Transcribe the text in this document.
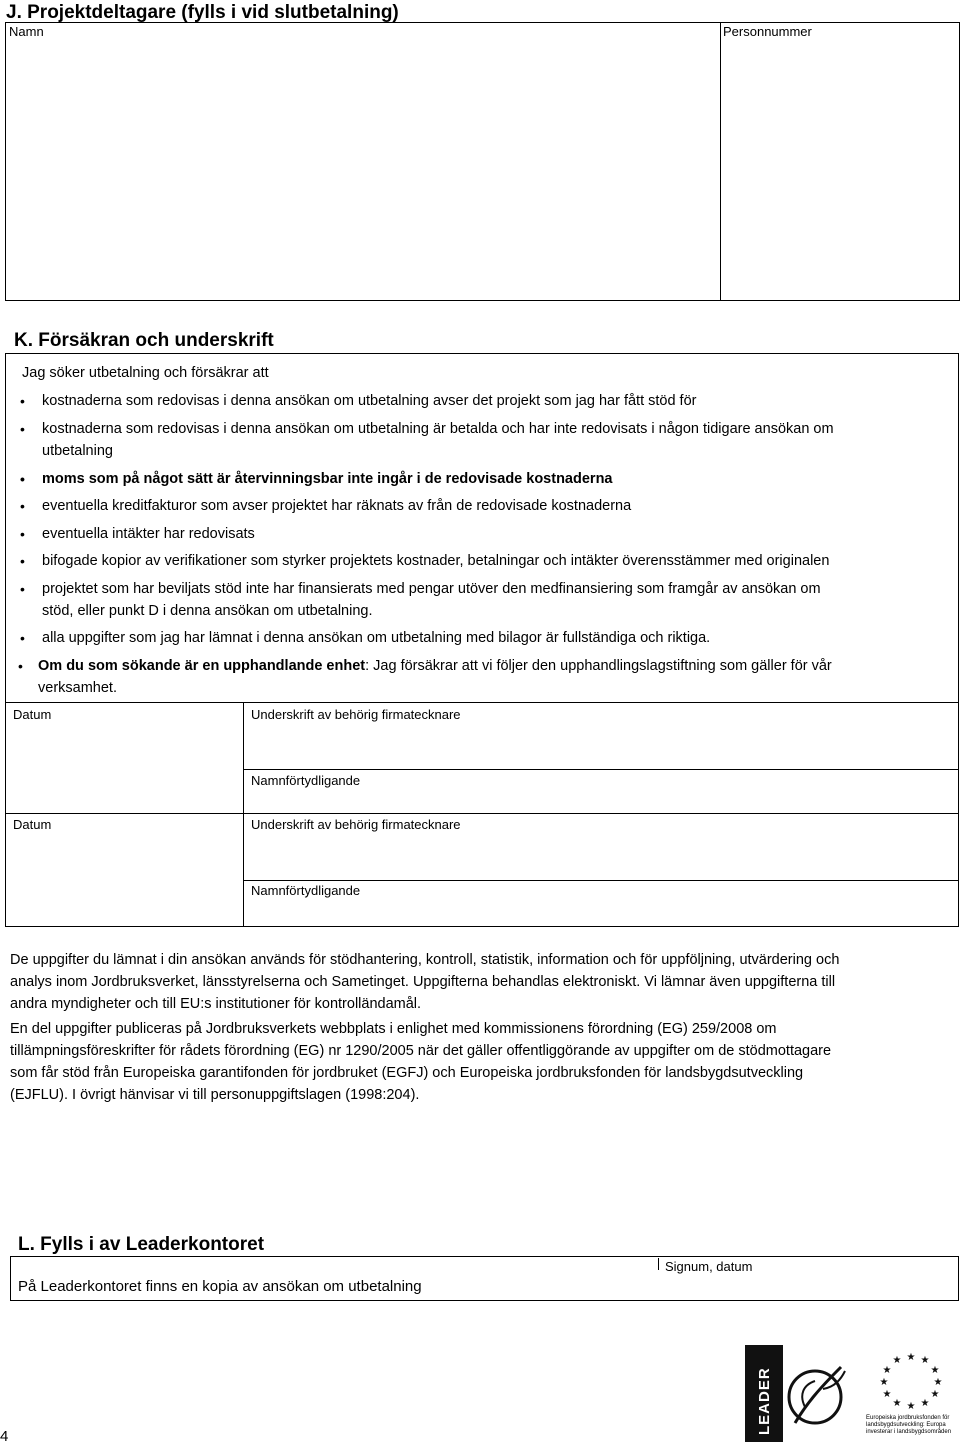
J. Projektdeltagare (fylls i vid slutbetalning)
Namn	Personnummer
K. Försäkran och underskrift
Jag söker utbetalning och försäkrar att
• kostnaderna som redovisas i denna ansökan om utbetalning avser det projekt som jag har fått stöd för
• kostnaderna som redovisas i denna ansökan om utbetalning är betalda och har inte redovisats i någon tidigare ansökan om
utbetalning
• moms som på något sätt är återvinningsbar inte ingår i de redovisade kostnaderna
• eventuella kreditfakturor som avser projektet har räknats av från de redovisade kostnaderna
• eventuella intäkter har redovisats
• bifogade kopior av verifikationer som styrker projektets kostnader, betalningar och intäkter överensstämmer med originalen
• projektet som har beviljats stöd inte har finansierats med pengar utöver den medfinansiering som framgår av ansökan om
stöd, eller punkt D i denna ansökan om utbetalning.
• alla uppgifter som jag har lämnat i denna ansökan om utbetalning med bilagor är fullständiga och riktiga.
• Om du som sökande är en upphandlande enhet: Jag försäkrar att vi följer den upphandlingslagstiftning som gäller för vår
verksamhet.
Datum	Underskrift av behörig firmatecknare
Namnförtydligande
Datum	Underskrift av behörig firmatecknare
Namnförtydligande
De uppgifter du lämnat i din ansökan används för stödhantering, kontroll, statistik, information och för uppföljning, utvärdering och
analys inom Jordbruksverket, länsstyrelserna och Sametinget. Uppgifterna behandlas elektroniskt. Vi lämnar även uppgifterna till
andra myndigheter och till EU:s institutioner för kontrolländamål.
En del uppgifter publiceras på Jordbruksverkets webbplats i enlighet med kommissionens förordning (EG) 259/2008 om
tillämpningsföreskrifter för rådets förordning (EG) nr 1290/2005 när det gäller offentliggörande av uppgifter om de stödmottagare
som får stöd från Europeiska garantifonden för jordbruket (EGFJ) och Europeiska jordbruksfonden för landsbygdsutveckling
(EJFLU). I övrigt hänvisar vi till personuppgiftslagen (1998:204).
L. Fylls i av Leaderkontoret
På Leaderkontoret finns en kopia av ansökan om utbetalning
Signum, datum
4
LEADER
★ ★
★
★
★
★
★
★
★
★
★
★
Europeiska jordbruksfonden för
landsbygdsutveckling: Europa
investerar i landsbygdsområden
